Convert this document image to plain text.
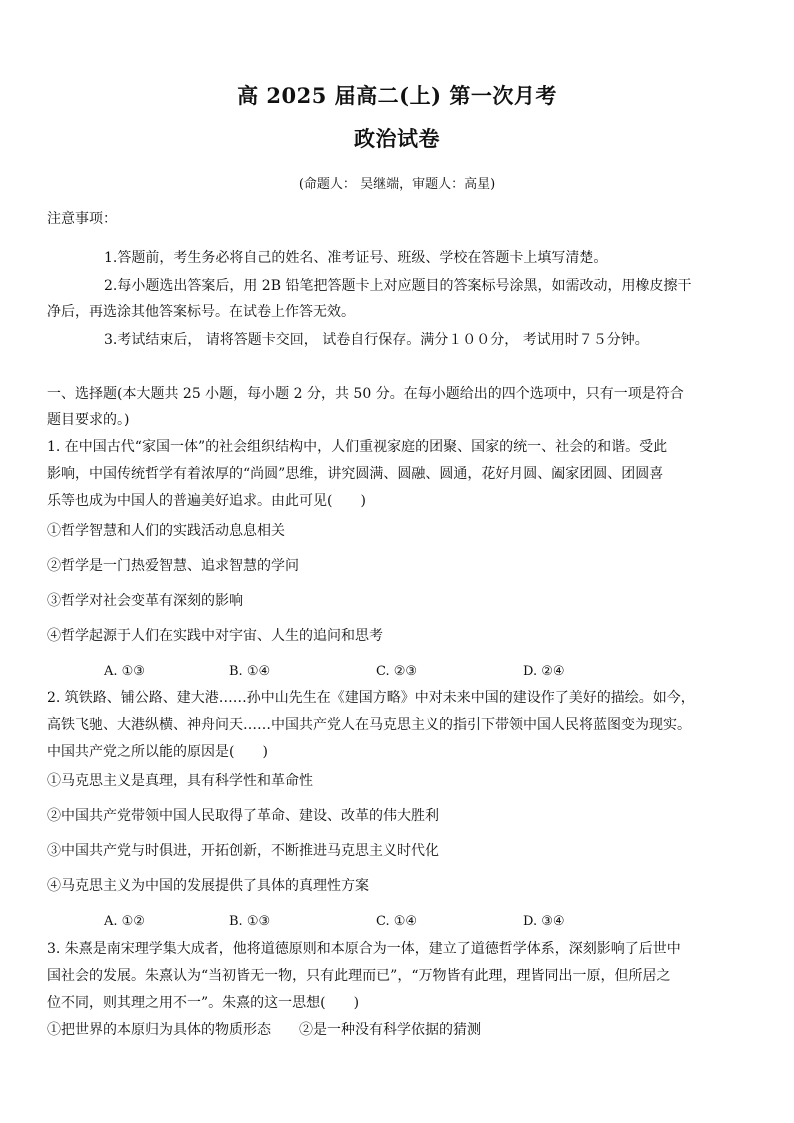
高 2025 届高二(上) 第一次月考
政治试卷
(命题人： 吴继端，审题人：高星)
注意事项：
1.答题前，考生务必将自己的姓名、准考证号、班级、学校在答题卡上填写清楚。
2.每小题选出答案后，用 2B 铅笔把答题卡上对应题目的答案标号涂黑，如需改动，用橡皮擦干
净后，再选涂其他答案标号。在试卷上作答无效。
3.考试结束后， 请将答题卡交回， 试卷自行保存。满分１００分， 考试用时７５分钟。
一、选择题(本大题共 25 小题，每小题 2 分，共 50 分。在每小题给出的四个选项中，只有一项是符合
题目要求的。)
1. 在中国古代“家国一体”的社会组织结构中，人们重视家庭的团聚、国家的统一、社会的和谐。受此
影响，中国传统哲学有着浓厚的“尚圆”思维，讲究圆满、圆融、圆通，花好月圆、阖家团圆、团圆喜
乐等也成为中国人的普遍美好追求。由此可见(　　)
①哲学智慧和人们的实践活动息息相关
②哲学是一门热爱智慧、追求智慧的学问
③哲学对社会变革有深刻的影响
④哲学起源于人们在实践中对宇宙、人生的追问和思考
A. ①③	B. ①④	C. ②③	D. ②④
2. 筑铁路、铺公路、建大港……孙中山先生在《建国方略》中对未来中国的建设作了美好的描绘。如今，
高铁飞驰、大港纵横、神舟问天……中国共产党人在马克思主义的指引下带领中国人民将蓝图变为现实。
中国共产党之所以能的原因是(　　)
①马克思主义是真理，具有科学性和革命性
②中国共产党带领中国人民取得了革命、建设、改革的伟大胜利
③中国共产党与时俱进，开拓创新，不断推进马克思主义时代化
④马克思主义为中国的发展提供了具体的真理性方案
A. ①②	B. ①③	C. ①④	D. ③④
3. 朱熹是南宋理学集大成者，他将道德原则和本原合为一体，建立了道德哲学体系，深刻影响了后世中
国社会的发展。朱熹认为“当初皆无一物，只有此理而已”，“万物皆有此理，理皆同出一原，但所居之
位不同，则其理之用不一”。朱熹的这一思想(　　)
①把世界的本原归为具体的物质形态　　②是一种没有科学依据的猜测
